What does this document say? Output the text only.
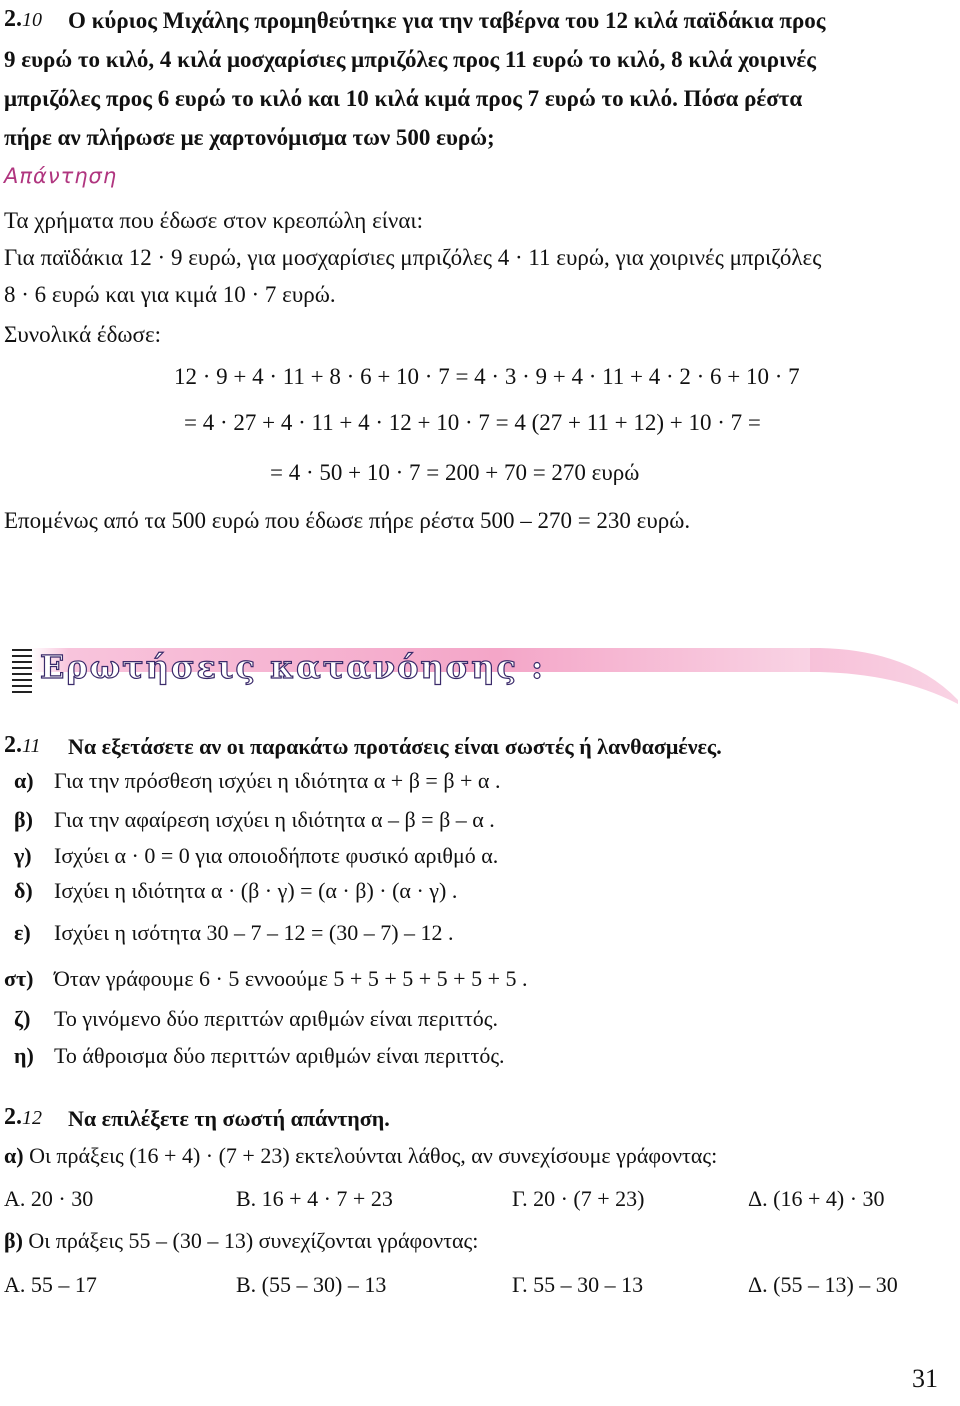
2.10 Ο κύριος Μιχάλης προμηθεύτηκε για την ταβέρνα του 12 κιλά παϊδάκια προς
9 ευρώ το κιλό, 4 κιλά μοσχαρίσιες μπριζόλες προς 11 ευρώ το κιλό, 8 κιλά χοιρινές
μπριζόλες προς 6 ευρώ το κιλό και 10 κιλά κιμά προς 7 ευρώ το κιλό. Πόσα ρέστα
πήρε αν πλήρωσε με χαρτονόμισμα των 500 ευρώ;
Απάντηση
Τα χρήματα που έδωσε στον κρεοπώλη είναι:
Για παϊδάκια 12 · 9 ευρώ, για μοσχαρίσιες μπριζόλες 4 · 11 ευρώ, για χοιρινές μπριζόλες
8 · 6 ευρώ και για κιμά 10 · 7 ευρώ.
Συνολικά έδωσε:
12 · 9 + 4 · 11 + 8 · 6 + 10 · 7 = 4 · 3 · 9 + 4 · 11 + 4 · 2 · 6 + 10 · 7
= 4 · 27 + 4 · 11 + 4 · 12 + 10 · 7 = 4 (27 + 11 + 12) + 10 · 7 =
= 4 · 50 + 10 · 7 = 200 + 70 = 270 ευρώ
Επομένως από τα 500 ευρώ που έδωσε πήρε ρέστα 500 – 270 = 230 ευρώ.
Ερωτήσεις κατανόησης :
2.11 Να εξετάσετε αν οι παρακάτω προτάσεις είναι σωστές ή λανθασμένες.
α) Για την πρόσθεση ισχύει η ιδιότητα α + β = β + α .
β) Για την αφαίρεση ισχύει η ιδιότητα α – β = β – α .
γ) Ισχύει α · 0 = 0 για οποιοδήποτε φυσικό αριθμό α.
δ) Ισχύει η ιδιότητα α · (β · γ) = (α · β) · (α · γ) .
ε) Ισχύει η ισότητα 30 – 7 – 12 = (30 – 7) – 12 .
στ) Όταν γράφουμε 6 · 5 εννοούμε 5 + 5 + 5 + 5 + 5 + 5 .
ζ) Το γινόμενο δύο περιττών αριθμών είναι περιττός.
η) Το άθροισμα δύο περιττών αριθμών είναι περιττός.
2.12 Να επιλέξετε τη σωστή απάντηση.
α) Οι πράξεις (16 + 4) · (7 + 23) εκτελούνται λάθος, αν συνεχίσουμε γράφοντας:
Α. 20 · 30	Β. 16 + 4 · 7 + 23	Γ. 20 · (7 + 23)	Δ. (16 + 4) · 30
β) Οι πράξεις 55 – (30 – 13) συνεχίζονται γράφοντας:
Α. 55 – 17	Β. (55 – 30) – 13	Γ. 55 – 30 – 13	Δ. (55 – 13) – 30
31
